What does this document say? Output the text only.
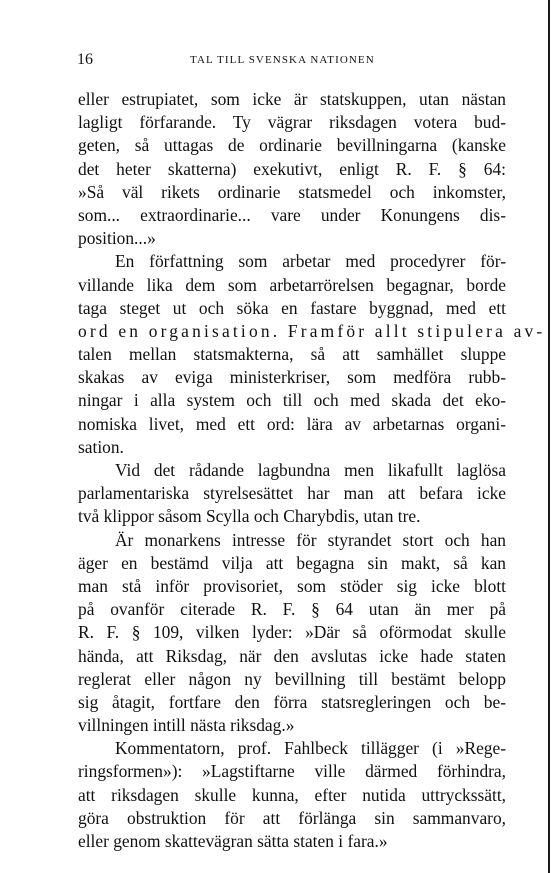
16	TAL TILL SVENSKA NATIONEN
eller estrupiatet, som icke är statskuppen, utan nästan
lagligt förfarande. Ty vägrar riksdagen votera bud-
geten, så uttagas de ordinarie bevillningarna (kanske
det heter skatterna) exekutivt, enligt R. F. § 64:
»Så väl rikets ordinarie statsmedel och inkomster,
som... extraordinarie... vare under Konungens dis-
position...»
En författning som arbetar med procedyrer för-
villande lika dem som arbetarrörelsen begagnar, borde
taga steget ut och söka en fastare byggnad, med ett
ord en organisation. Framför allt stipulera av-
talen mellan statsmakterna, så att samhället sluppe
skakas av eviga ministerkriser, som medföra rubb-
ningar i alla system och till och med skada det eko-
nomiska livet, med ett ord: lära av arbetarnas organi-
sation.
Vid det rådande lagbundna men likafullt laglösa
parlamentariska styrelsesättet har man att befara icke
två klippor såsom Scylla och Charybdis, utan tre.
Är monarkens intresse för styrandet stort och han
äger en bestämd vilja att begagna sin makt, så kan
man stå inför provisoriet, som stöder sig icke blott
på ovanför citerade R. F. § 64 utan än mer på
R. F. § 109, vilken lyder: »Där så oförmodat skulle
hända, att Riksdag, när den avslutas icke hade staten
reglerat eller någon ny bevillning till bestämt belopp
sig åtagit, fortfare den förra statsregleringen och be-
villningen intill nästa riksdag.»
Kommentatorn, prof. Fahlbeck tillägger (i »Rege-
ringsformen»): »Lagstiftarne ville därmed förhindra,
att riksdagen skulle kunna, efter nutida uttryckssätt,
göra obstruktion för att förlänga sin sammanvaro,
eller genom skattevägran sätta staten i fara.»
